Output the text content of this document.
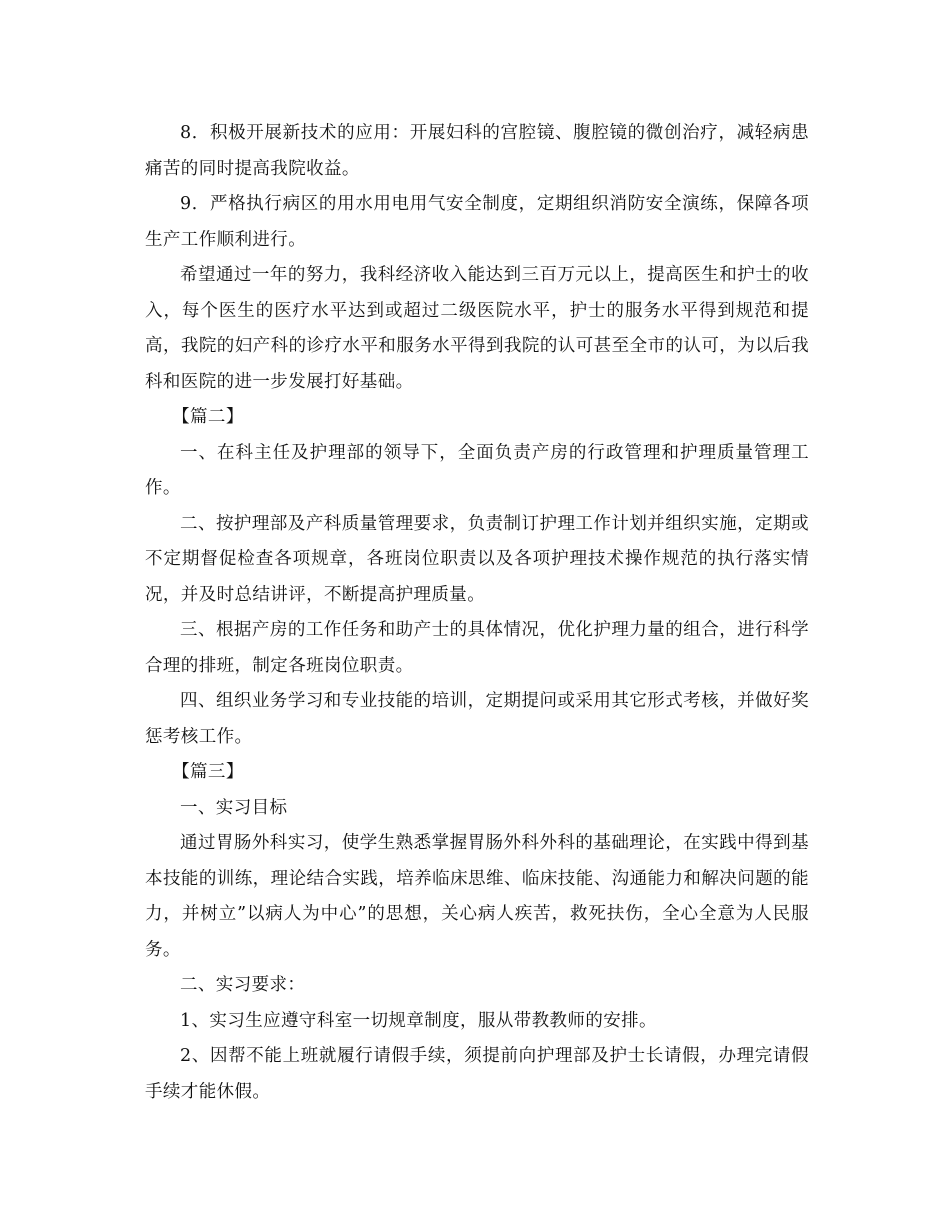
8．积极开展新技术的应用：开展妇科的宫腔镜、腹腔镜的微创治疗，减轻病患痛苦的同时提高我院收益。

9．严格执行病区的用水用电用气安全制度，定期组织消防安全演练，保障各项生产工作顺利进行。

希望通过一年的努力，我科经济收入能达到三百万元以上，提高医生和护士的收入，每个医生的医疗水平达到或超过二级医院水平，护士的服务水平得到规范和提高，我院的妇产科的诊疗水平和服务水平得到我院的认可甚至全市的认可，为以后我科和医院的进一步发展打好基础。

【篇二】

一、在科主任及护理部的领导下，全面负责产房的行政管理和护理质量管理工作。

二、按护理部及产科质量管理要求，负责制订护理工作计划并组织实施，定期或不定期督促检查各项规章，各班岗位职责以及各项护理技术操作规范的执行落实情况，并及时总结讲评，不断提高护理质量。

三、根据产房的工作任务和助产士的具体情况，优化护理力量的组合，进行科学合理的排班，制定各班岗位职责。

四、组织业务学习和专业技能的培训，定期提问或采用其它形式考核，并做好奖惩考核工作。

【篇三】

一、实习目标

通过胃肠外科实习，使学生熟悉掌握胃肠外科外科的基础理论，在实践中得到基本技能的训练，理论结合实践，培养临床思维、临床技能、沟通能力和解决问题的能力，并树立”以病人为中心”的思想，关心病人疾苦，救死扶伤，全心全意为人民服务。

二、实习要求：

1、实习生应遵守科室一切规章制度，服从带教教师的安排。

2、因帮不能上班就履行请假手续，须提前向护理部及护士长请假，办理完请假手续才能休假。
